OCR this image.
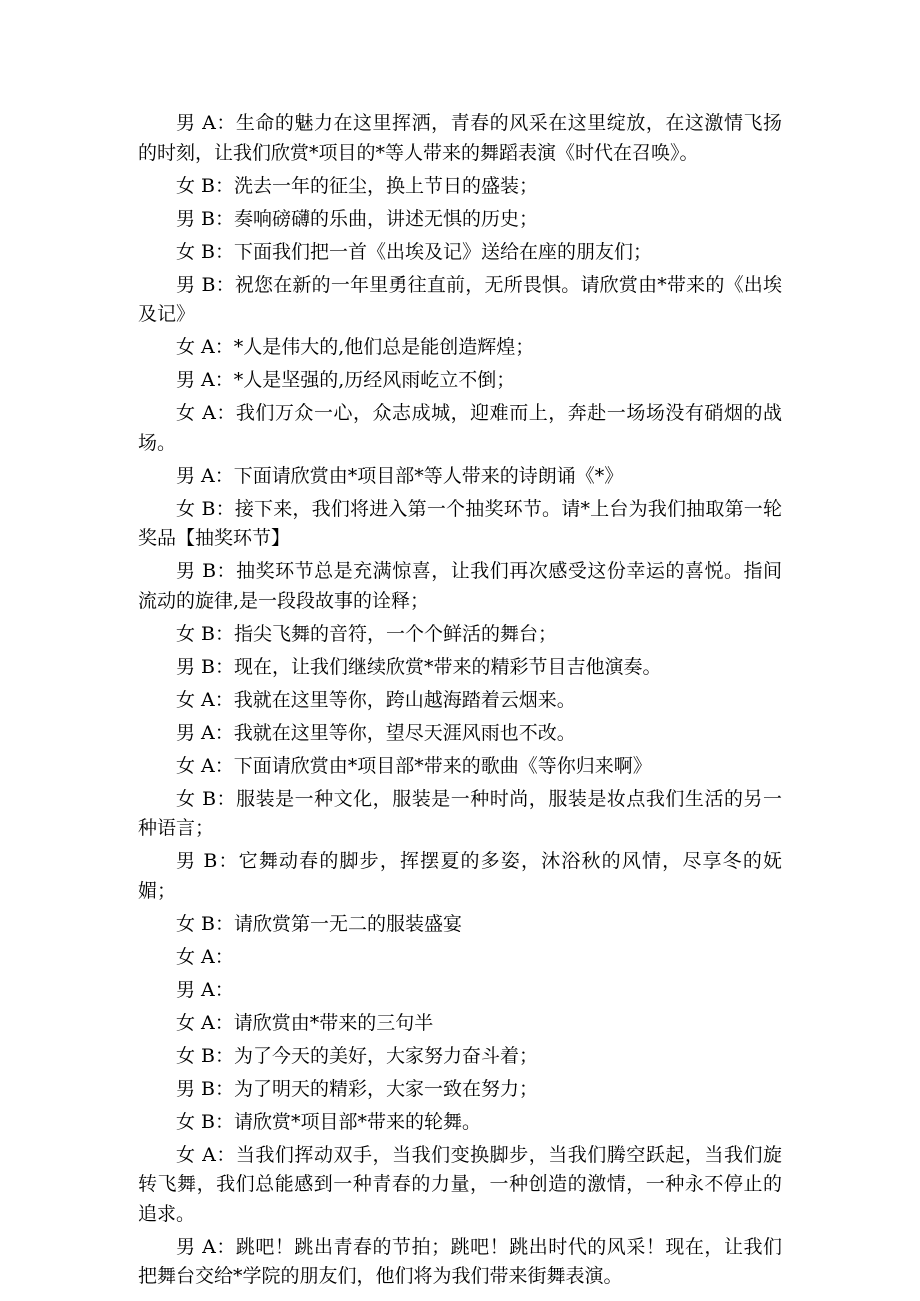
男 A：生命的魅力在这里挥洒，青春的风采在这里绽放，在这激情飞扬的时刻，让我们欣赏*项目的*等人带来的舞蹈表演《时代在召唤》。

女 B：洗去一年的征尘，换上节日的盛装；

男 B：奏响磅礴的乐曲，讲述无惧的历史；

女 B：下面我们把一首《出埃及记》送给在座的朋友们；

男 B：祝您在新的一年里勇往直前，无所畏惧。请欣赏由*带来的《出埃及记》

女 A：*人是伟大的,他们总是能创造辉煌；

男 A：*人是坚强的,历经风雨屹立不倒；

女 A：我们万众一心，众志成城，迎难而上，奔赴一场场没有硝烟的战场。

男 A：下面请欣赏由*项目部*等人带来的诗朗诵《*》

女 B：接下来，我们将进入第一个抽奖环节。请*上台为我们抽取第一轮奖品【抽奖环节】

男 B：抽奖环节总是充满惊喜，让我们再次感受这份幸运的喜悦。指间流动的旋律,是一段段故事的诠释；

女 B：指尖飞舞的音符，一个个鲜活的舞台；

男 B：现在，让我们继续欣赏*带来的精彩节目吉他演奏。

女 A：我就在这里等你，跨山越海踏着云烟来。

男 A：我就在这里等你，望尽天涯风雨也不改。

女 A：下面请欣赏由*项目部*带来的歌曲《等你归来啊》

女 B：服装是一种文化，服装是一种时尚，服装是妆点我们生活的另一种语言；

男 B：它舞动春的脚步，挥摆夏的多姿，沐浴秋的风情，尽享冬的妩媚；

女 B：请欣赏第一无二的服装盛宴

女 A：

男 A：

女 A：请欣赏由*带来的三句半

女 B：为了今天的美好，大家努力奋斗着；

男 B：为了明天的精彩，大家一致在努力；

女 B：请欣赏*项目部*带来的轮舞。

女 A：当我们挥动双手，当我们变换脚步，当我们腾空跃起，当我们旋转飞舞，我们总能感到一种青春的力量，一种创造的激情，一种永不停止的追求。

男 A：跳吧！跳出青春的节拍；跳吧！跳出时代的风采！现在，让我们把舞台交给*学院的朋友们，他们将为我们带来街舞表演。
